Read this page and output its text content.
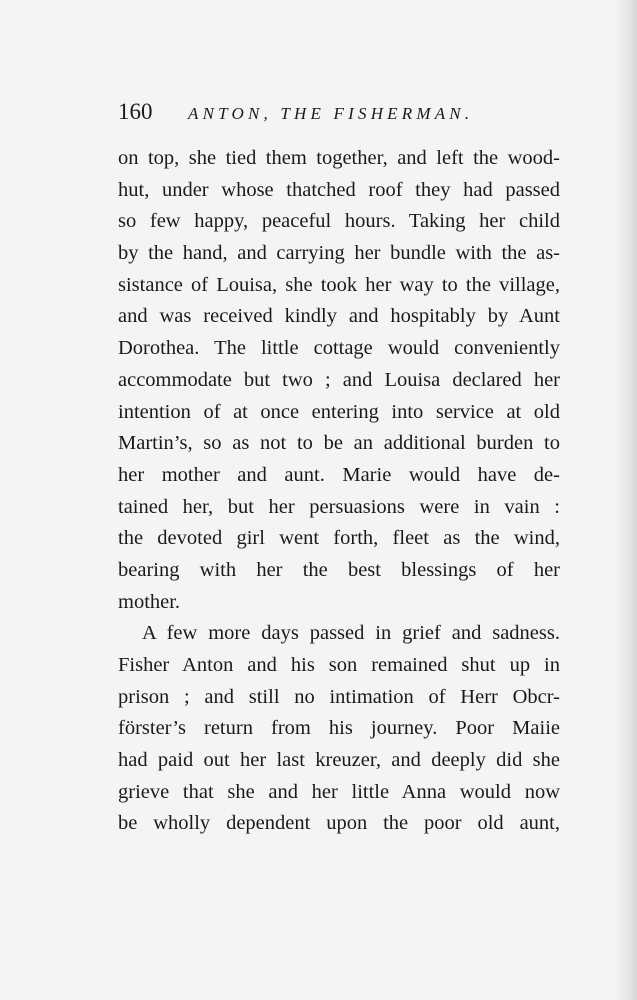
160 ANTON, THE FISHERMAN.
on top, she tied them together, and left the wood-
hut, under whose thatched roof they had passed
so few happy, peaceful hours. Taking her child
by the hand, and carrying her bundle with the as-
sistance of Louisa, she took her way to the village,
and was received kindly and hospitably by Aunt
Dorothea. The little cottage would conveniently
accommodate but two ; and Louisa declared her
intention of at once entering into service at old
Martin’s, so as not to be an additional burden to
her mother and aunt. Marie would have de-
tained her, but her persuasions were in vain :
the devoted girl went forth, fleet as the wind,
bearing with her the best blessings of her
mother.
A few more days passed in grief and sadness.
Fisher Anton and his son remained shut up in
prison ; and still no intimation of Herr Obcr-
förster’s return from his journey. Poor Maiie
had paid out her last kreuzer, and deeply did she
grieve that she and her little Anna would now
be wholly dependent upon the poor old aunt,
